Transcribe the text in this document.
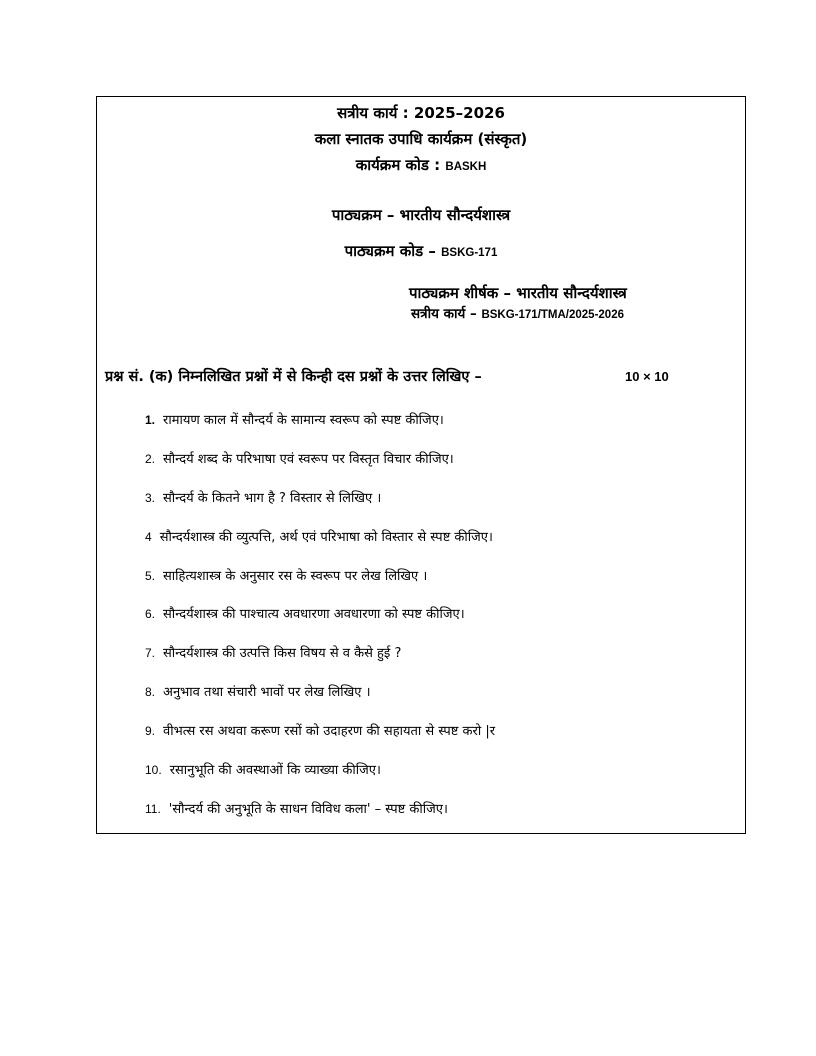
सत्रीय कार्य : 2025–2026
कला स्नातक उपाधि कार्यक्रम (संस्कृत)
कार्यक्रम कोड : BASKH
पाठ्यक्रम – भारतीय सौन्दर्यशास्त्र
पाठ्यक्रम कोड – BSKG-171
पाठ्यक्रम शीर्षक – भारतीय सौन्दर्यशास्त्र
सत्रीय कार्य – BSKG-171/TMA/2025-2026
प्रश्न सं. (क) निम्नलिखित प्रश्नों में से किन्ही दस प्रश्नों के उत्तर लिखिए –	10 × 10
1. रामायण काल में सौन्दर्य के सामान्य स्वरूप को स्पष्ट कीजिए।
2. सौन्दर्य शब्द के परिभाषा एवं स्वरूप पर विस्तृत विचार कीजिए।
3. सौन्दर्य के कितने भाग है ? विस्तार से लिखिए ।
4 सौन्दर्यशास्त्र की व्युत्पत्ति, अर्थ एवं परिभाषा को विस्तार से स्पष्ट कीजिए।
5. साहित्यशास्त्र के अनुसार रस के स्वरूप पर लेख लिखिए ।
6. सौन्दर्यशास्त्र की पाश्चात्य अवधारणा अवधारणा को स्पष्ट कीजिए।
7. सौन्दर्यशास्त्र की उत्पत्ति किस विषय से व कैसे हुई ?
8. अनुभाव तथा संचारी भावों पर लेख लिखिए ।
9. वीभत्स रस अथवा करूण रसों को उदाहरण की सहायता से स्पष्ट करो |र
10. रसानुभूति की अवस्थाओं कि व्याख्या कीजिए।
11. 'सौन्दर्य की अनुभूति के साधन विविध कला' – स्पष्ट कीजिए।
